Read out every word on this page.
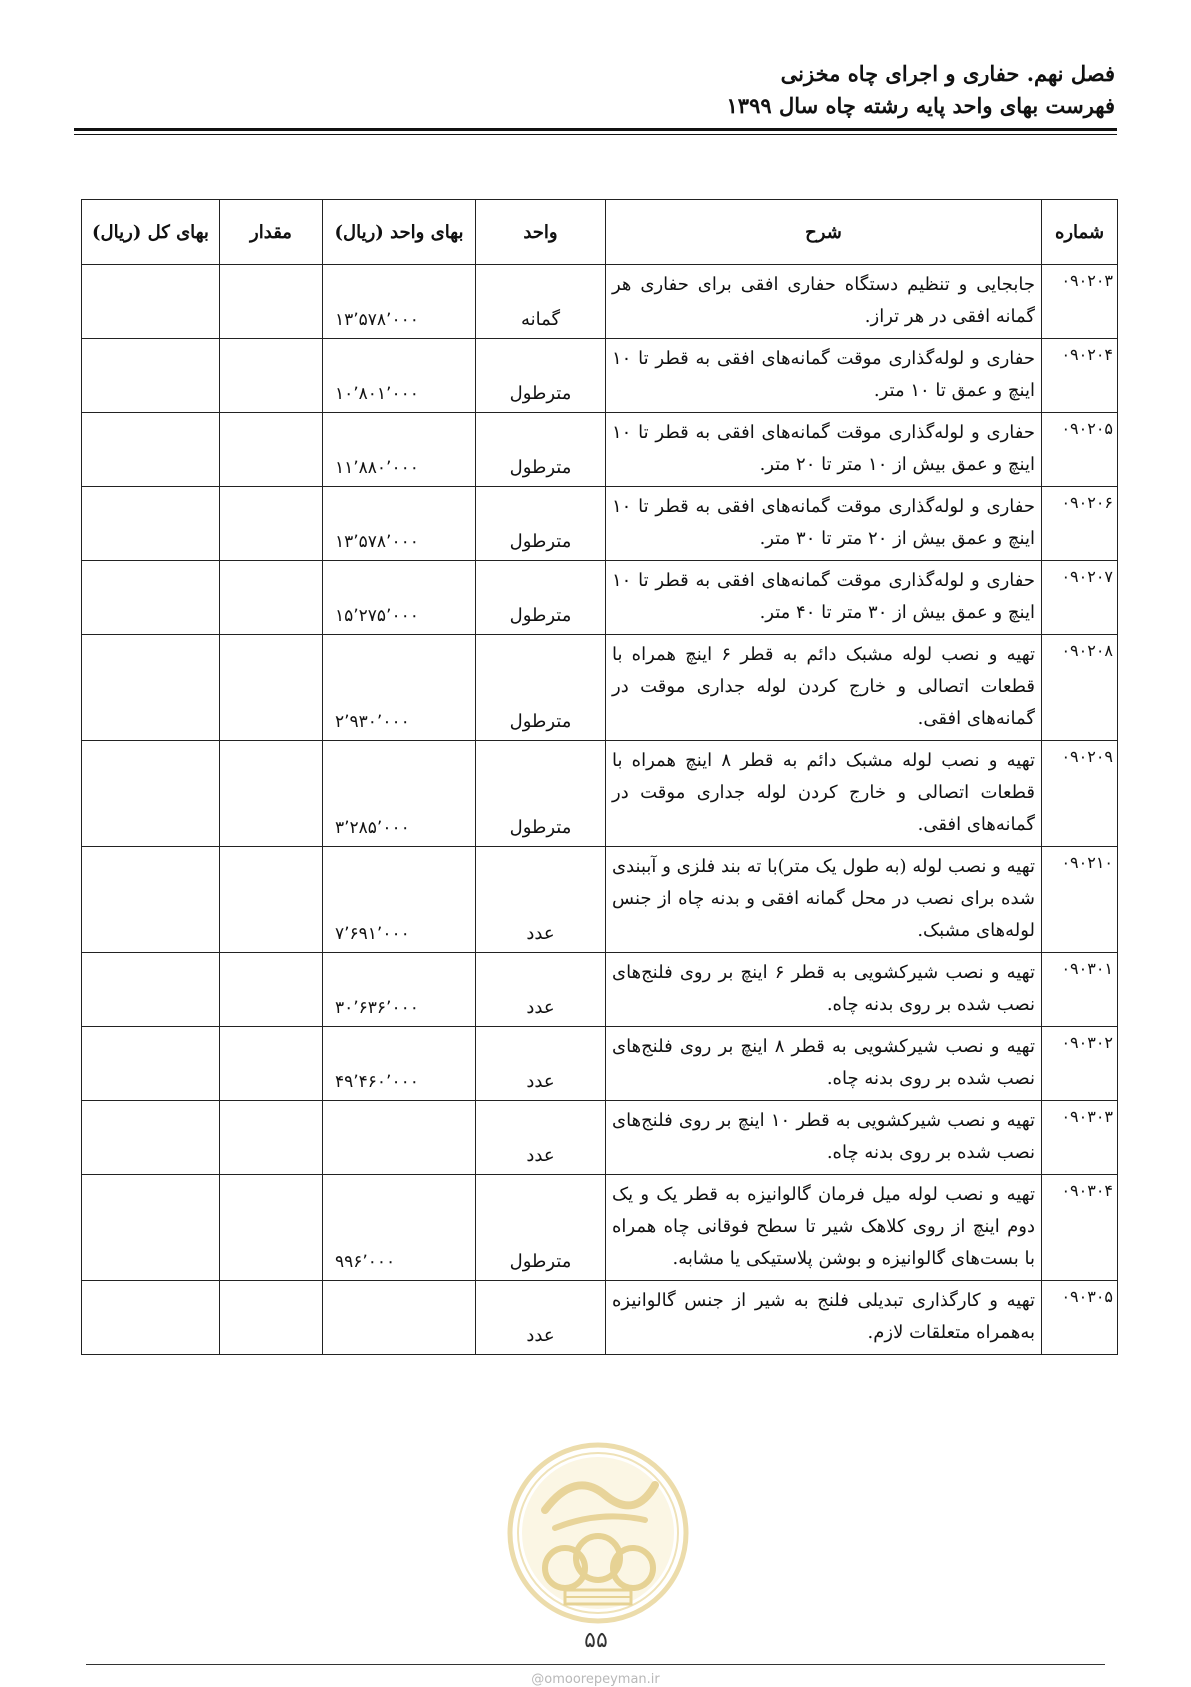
فصل نهم. حفاری و اجرای چاه مخزنی
فهرست بهای واحد پایه رشته چاه سال ۱۳۹۹
شماره	شرح	واحد	بهای واحد (ریال)	مقدار	بهای کل (ریال)
۰۹۰۲۰۳	جابجایی و تنظیم دستگاه حفاری افقی برای حفاری هر گمانه افقی در هر تراز.	گمانه	۱۳٬۵۷۸٬۰۰۰		
۰۹۰۲۰۴	حفاری و لوله‌گذاری موقت گمانه‌های افقی به قطر تا ۱۰ اینچ و عمق تا ۱۰ متر.	مترطول	۱۰٬۸۰۱٬۰۰۰		
۰۹۰۲۰۵	حفاری و لوله‌گذاری موقت گمانه‌های افقی به قطر تا ۱۰ اینچ و عمق بیش از ۱۰ متر تا ۲۰ متر.	مترطول	۱۱٬۸۸۰٬۰۰۰		
۰۹۰۲۰۶	حفاری و لوله‌گذاری موقت گمانه‌های افقی به قطر تا ۱۰ اینچ و عمق بیش از ۲۰ متر تا ۳۰ متر.	مترطول	۱۳٬۵۷۸٬۰۰۰		
۰۹۰۲۰۷	حفاری و لوله‌گذاری موقت گمانه‌های افقی به قطر تا ۱۰ اینچ و عمق بیش از ۳۰ متر تا ۴۰ متر.	مترطول	۱۵٬۲۷۵٬۰۰۰		
۰۹۰۲۰۸	تهیه و نصب لوله مشبک دائم به قطر ۶ اینچ همراه با قطعات اتصالی و خارج کردن لوله جداری موقت در گمانه‌های افقی.	مترطول	۲٬۹۳۰٬۰۰۰		
۰۹۰۲۰۹	تهیه و نصب لوله مشبک دائم به قطر ۸ اینچ همراه با قطعات اتصالی و خارج کردن لوله جداری موقت در گمانه‌های افقی.	مترطول	۳٬۲۸۵٬۰۰۰		
۰۹۰۲۱۰	تهیه و نصب لوله (به طول یک متر)با ته بند فلزی و آببندی شده برای نصب در محل گمانه افقی و بدنه چاه از جنس لوله‌های مشبک.	عدد	۷٬۶۹۱٬۰۰۰		
۰۹۰۳۰۱	تهیه و نصب شیرکشویی به قطر ۶ اینچ بر روی فلنج‌های نصب شده بر روی بدنه چاه.	عدد	۳۰٬۶۳۶٬۰۰۰		
۰۹۰۳۰۲	تهیه و نصب شیرکشویی به قطر ۸ اینچ بر روی فلنج‌های نصب شده بر روی بدنه چاه.	عدد	۴۹٬۴۶۰٬۰۰۰		
۰۹۰۳۰۳	تهیه و نصب شیرکشویی به قطر ۱۰ اینچ بر روی فلنج‌های نصب شده بر روی بدنه چاه.	عدد			
۰۹۰۳۰۴	تهیه و نصب لوله میل فرمان گالوانیزه به قطر یک و یک دوم اینچ از روی کلاهک شیر تا سطح فوقانی چاه همراه با بست‌های گالوانیزه و بوشن پلاستیکی یا مشابه.	مترطول	۹۹۶٬۰۰۰		
۰۹۰۳۰۵	تهیه و کارگذاری تبدیلی فلنج به شیر از جنس گالوانیزه به‌همراه متعلقات لازم.	عدد			
۵۵
@omoorepeyman.ir
